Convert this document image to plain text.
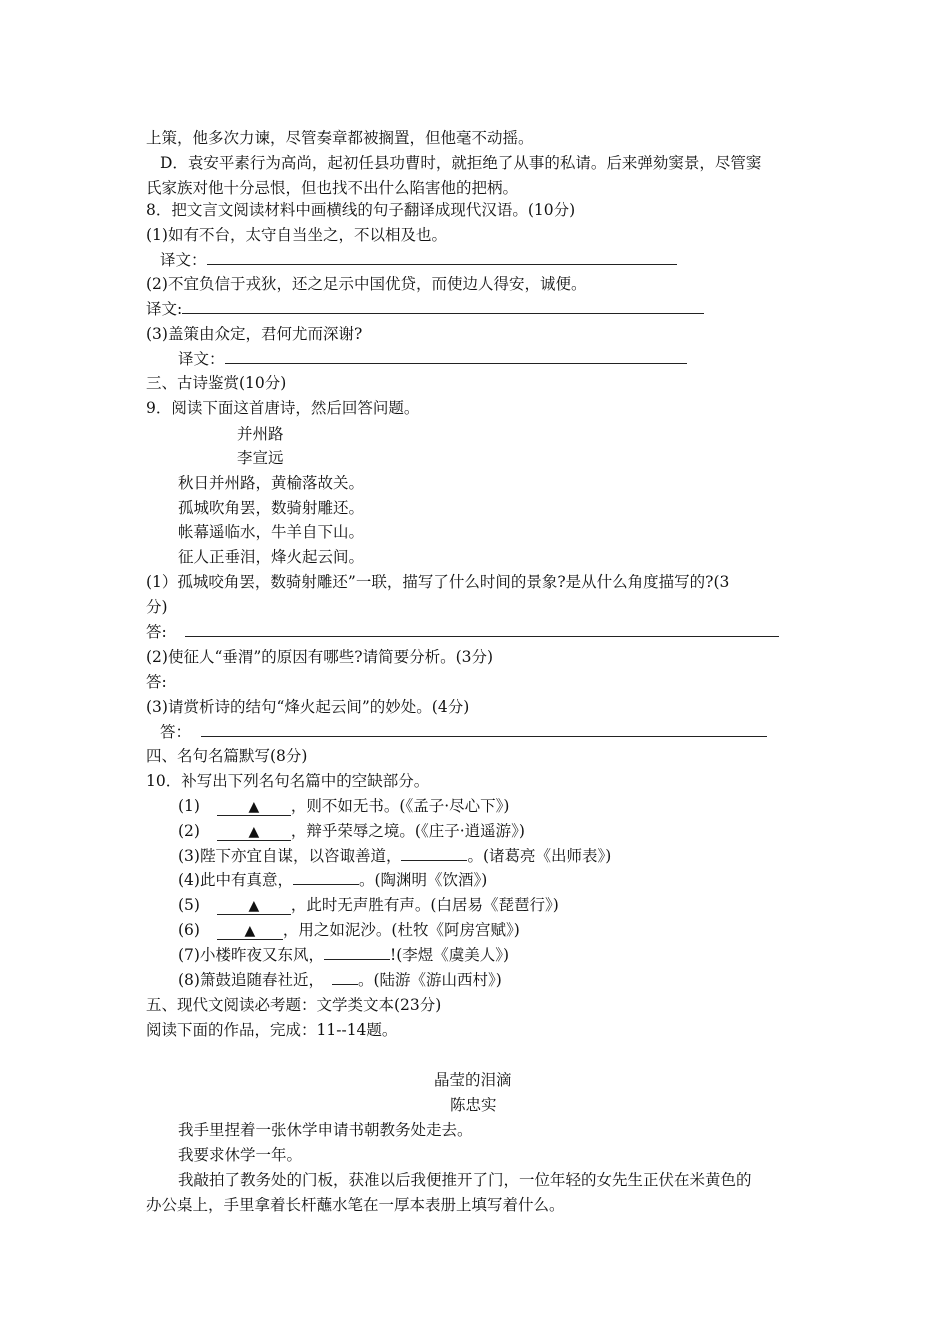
上策，他多次力谏，尽管奏章都被搁置，但他毫不动摇。
D．袁安平素行为高尚，起初任县功曹时，就拒绝了从事的私请。后来弹劾窦景，尽管窦
氏家族对他十分忌恨，但也找不出什么陷害他的把柄。
8．把文言文阅读材料中画横线的句子翻译成现代汉语。(10分)
(1)如有不台，太守自当坐之，不以相及也。
译文：
(2)不宜负信于戎狄，还之足示中国优贷，而使边人得安，诚便。
译文:
(3)盖策由众定，君何尤而深谢?
译文：
三、古诗鉴赏(10分)
9．阅读下面这首唐诗，然后回答问题。
并州路
李宣远
秋日并州路，黄榆落故关。
孤城吹角罢，数骑射雕还。
帐幕遥临水，牛羊自下山。
征人正垂泪，烽火起云间。
(1）孤城咬角罢，数骑射雕还”一联，描写了什么时间的景象?是从什么角度描写的?(3
分)
答:
(2)使征人“垂渭”的原因有哪些?请简要分析。(3分)
答:
(3)请赏析诗的结句“烽火起云间”的妙处。(4分)
答：
四、名句名篇默写(8分)
10．补写出下列名句名篇中的空缺部分。
(1)	▲ ，则不如无书。(《孟子·尽心下》)
(2)	▲ ，辩乎荣辱之境。(《庄子·逍遥游》)
(3)陛下亦宜自谋，以咨诹善道，	。(诸葛亮《出师表》)
(4)此中有真意，	。(陶渊明《饮酒》)
(5)	▲ ，此时无声胜有声。(白居易《琵琶行》)
(6)	▲ ，用之如泥沙。(杜牧《阿房宫赋》)
(7)小楼昨夜又东风，	!(李煜《虞美人》)
(8)箫鼓追随春社近， 。(陆游《游山西村》)
五、现代文阅读必考题：文学类文本(23分)
阅读下面的作品，完成：11--14题。
晶莹的泪滴
陈忠实
我手里捏着一张休学申请书朝教务处走去。
我要求休学一年。
我敲拍了教务处的门板，获准以后我便推开了门，一位年轻的女先生正伏在米黄色的
办公桌上，手里拿着长杆蘸水笔在一厚本表册上填写着什么。
